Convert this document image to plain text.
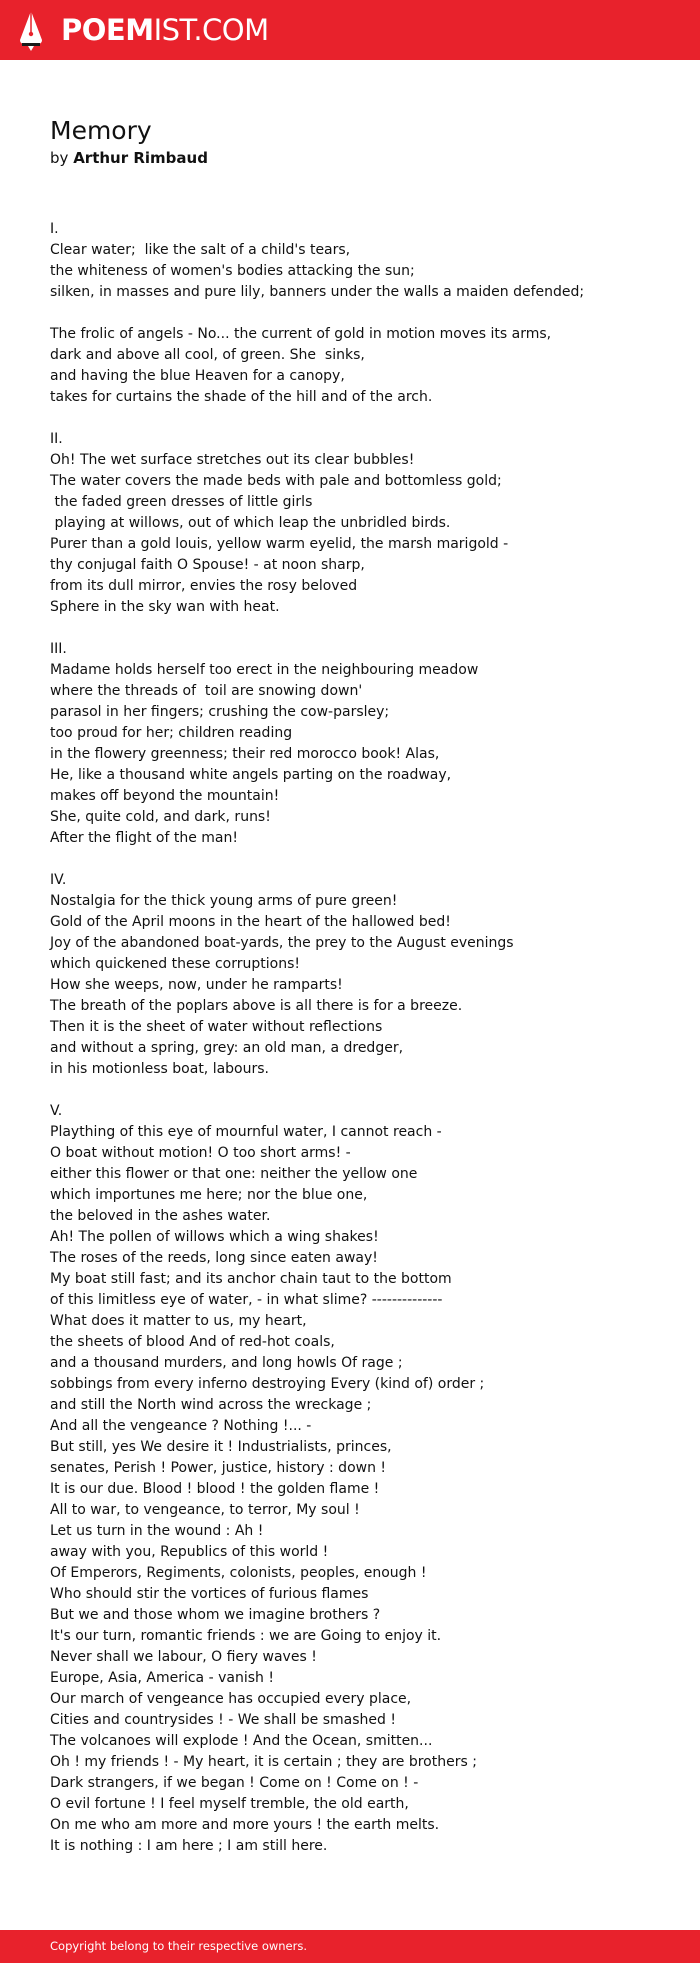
POEMIST.COM
Memory
by Arthur Rimbaud
I.
Clear water;  like the salt of a child's tears,
the whiteness of women's bodies attacking the sun;
silken, in masses and pure lily, banners under the walls a maiden defended;
The frolic of angels - No... the current of gold in motion moves its arms,
dark and above all cool, of green. She  sinks,
and having the blue Heaven for a canopy,
takes for curtains the shade of the hill and of the arch.
II.
Oh! The wet surface stretches out its clear bubbles!
The water covers the made beds with pale and bottomless gold;
the faded green dresses of little girls
playing at willows, out of which leap the unbridled birds.
Purer than a gold louis, yellow warm eyelid, the marsh marigold -
thy conjugal faith O Spouse! - at noon sharp,
from its dull mirror, envies the rosy beloved
Sphere in the sky wan with heat.
III.
Madame holds herself too erect in the neighbouring meadow
where the threads of  toil are snowing down'
parasol in her fingers; crushing the cow-parsley;
too proud for her; children reading
in the flowery greenness; their red morocco book! Alas,
He, like a thousand white angels parting on the roadway,
makes off beyond the mountain!
She, quite cold, and dark, runs!
After the flight of the man!
IV.
Nostalgia for the thick young arms of pure green!
Gold of the April moons in the heart of the hallowed bed!
Joy of the abandoned boat-yards, the prey to the August evenings
which quickened these corruptions!
How she weeps, now, under he ramparts!
The breath of the poplars above is all there is for a breeze.
Then it is the sheet of water without reflections
and without a spring, grey: an old man, a dredger,
in his motionless boat, labours.
V.
Plaything of this eye of mournful water, I cannot reach -
O boat without motion! O too short arms! -
either this flower or that one: neither the yellow one
which importunes me here; nor the blue one,
the beloved in the ashes water.
Ah! The pollen of willows which a wing shakes!
The roses of the reeds, long since eaten away!
My boat still fast; and its anchor chain taut to the bottom
of this limitless eye of water, - in what slime? --------------
What does it matter to us, my heart,
the sheets of blood And of red-hot coals,
and a thousand murders, and long howls Of rage ;
sobbings from every inferno destroying Every (kind of) order ;
and still the North wind across the wreckage ;
And all the vengeance ? Nothing !... -
But still, yes We desire it ! Industrialists, princes,
senates, Perish ! Power, justice, history : down !
It is our due. Blood ! blood ! the golden flame !
All to war, to vengeance, to terror, My soul !
Let us turn in the wound : Ah !
away with you, Republics of this world !
Of Emperors, Regiments, colonists, peoples, enough !
Who should stir the vortices of furious flames
But we and those whom we imagine brothers ?
It's our turn, romantic friends : we are Going to enjoy it.
Never shall we labour, O fiery waves !
Europe, Asia, America - vanish !
Our march of vengeance has occupied every place,
Cities and countrysides ! - We shall be smashed !
The volcanoes will explode ! And the Ocean, smitten...
Oh ! my friends ! - My heart, it is certain ; they are brothers ;
Dark strangers, if we began ! Come on ! Come on ! -
O evil fortune ! I feel myself tremble, the old earth,
On me who am more and more yours ! the earth melts.
It is nothing : I am here ; I am still here.
Copyright belong to their respective owners.
